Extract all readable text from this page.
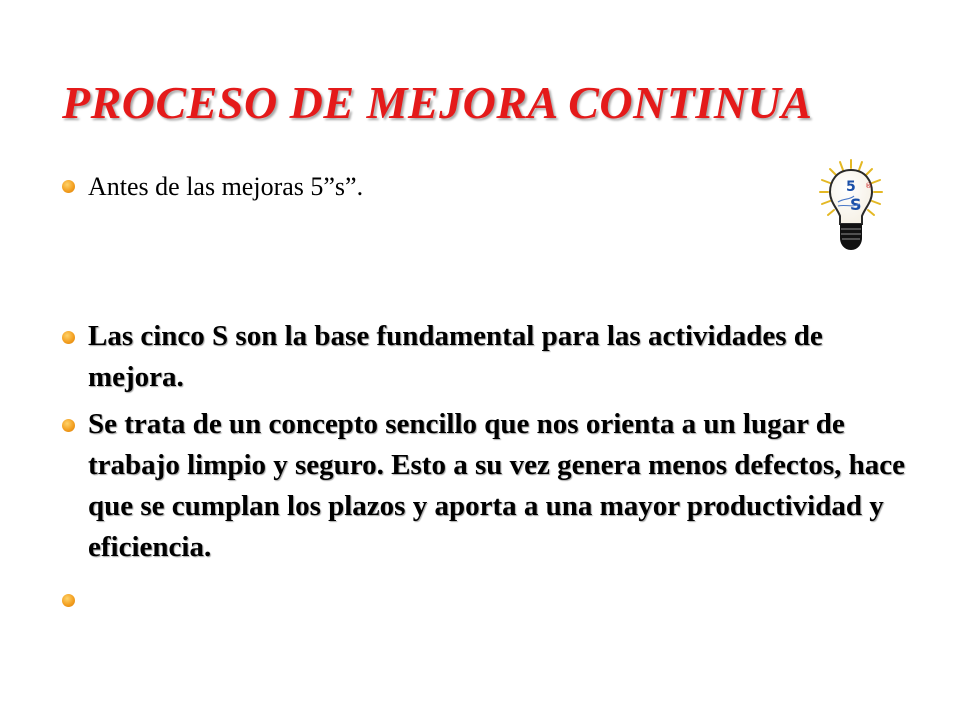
PROCESO DE MEJORA CONTINUA

Antes de las mejoras 5”s”.

Las cinco S son la base fundamental para las actividades de mejora.

Se trata de un concepto sencillo que nos orienta a un lugar de trabajo limpio y seguro. Esto a su vez genera menos defectos, hace que se cumplan los plazos y aporta a una mayor productividad y eficiencia.

5
S
®
